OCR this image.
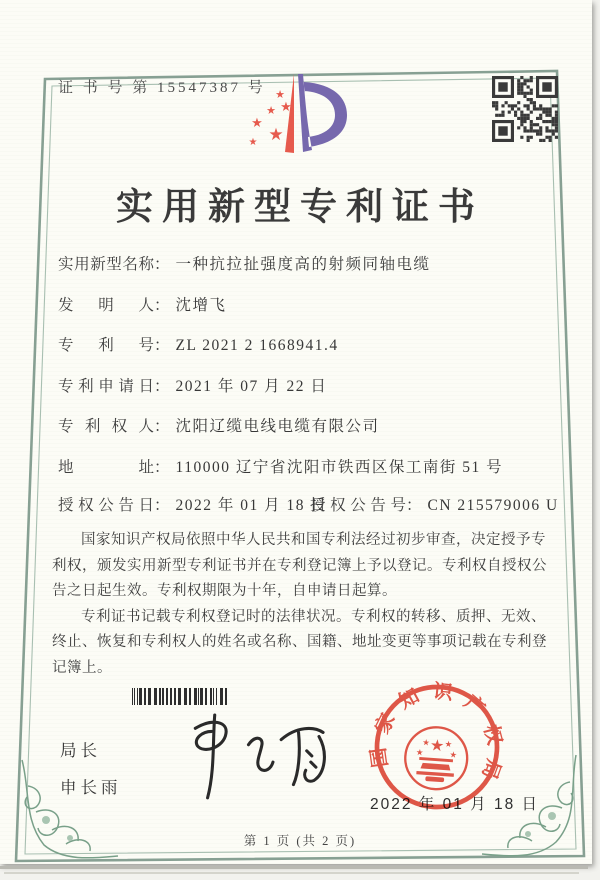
证 书 号 第 15547387 号 ★
★
★
★
★
★
实用新型专利证书
实用新型名称： 一种抗拉扯强度高的射频同轴电缆
发明人： 沈增飞
专利号： ZL 2021 2 1668941.4
专利申请日： 2021 年 07 月 22 日
专利权人： 沈阳辽缆电线电缆有限公司
地址： 110000 辽宁省沈阳市铁西区保工南街 51 号
授权公告日： 2022 年 01 月 18 日
授权公告号： CN 215579006 U

国家知识产权局依照中华人民共和国专利法经过初步审查，决定授予专利权，颁发实用新型专利证书并在专利登记簿上予以登记。专利权自授权公告之日起生效。专利权期限为十年，自申请日起算。

专利证书记载专利权登记时的法律状况。专利权的转移、质押、无效、终止、恢复和专利权人的姓名或名称、国籍、地址变更等事项记载在专利登记簿上。

局长
申长雨
2022 年 01 月 18 日
国家知识产权局
★
★	★
★ ★
第 1 页 (共 2 页)
